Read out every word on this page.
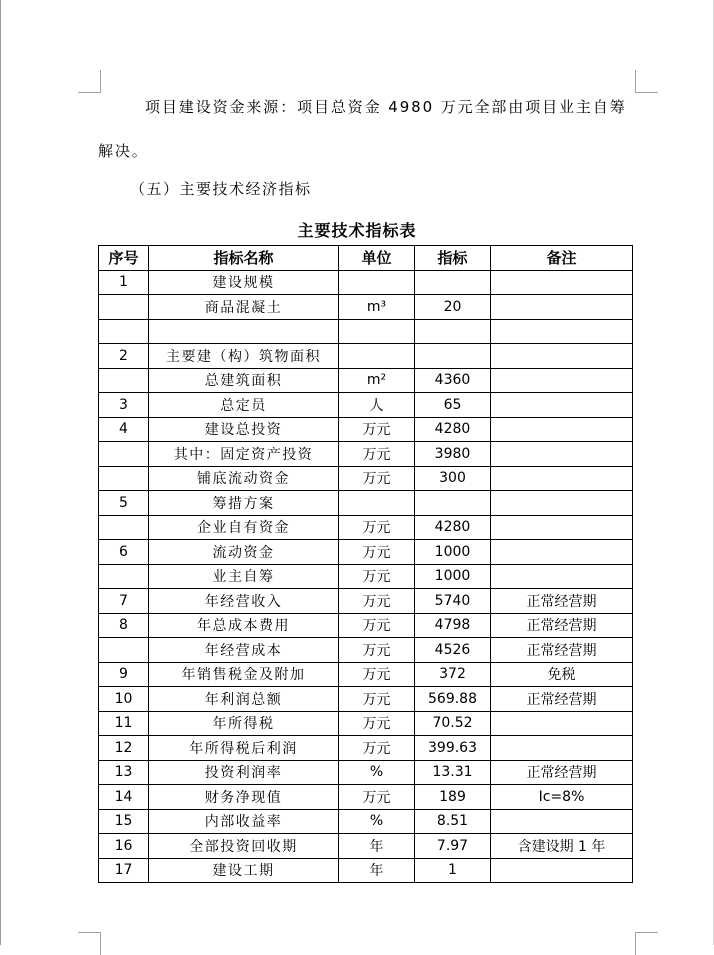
项目建设资金来源：项目总资金 4980 万元全部由项目业主自筹
解决。
（五）主要技术经济指标
主要技术指标表
序号	指标名称	单位	指标	备注
1	建设规模			
	商品混凝土	m³	20	

2	主要建（构）筑物面积			
	总建筑面积	m²	4360	
3	总定员	人	65	
4	建设总投资	万元	4280	
	其中：固定资产投资	万元	3980	
	铺底流动资金	万元	300	
5	筹措方案			
	企业自有资金	万元	4280	
6	流动资金	万元	1000	
	业主自筹	万元	1000	
7	年经营收入	万元	5740	正常经营期
8	年总成本费用	万元	4798	正常经营期
	年经营成本	万元	4526	正常经营期
9	年销售税金及附加	万元	372	免税
10	年利润总额	万元	569.88	正常经营期
11	年所得税	万元	70.52	
12	年所得税后利润	万元	399.63	
13	投资利润率	%	13.31	正常经营期
14	财务净现值	万元	189	Ic=8%
15	内部收益率	%	8.51	
16	全部投资回收期	年	7.97	含建设期 1 年
17	建设工期	年	1	
